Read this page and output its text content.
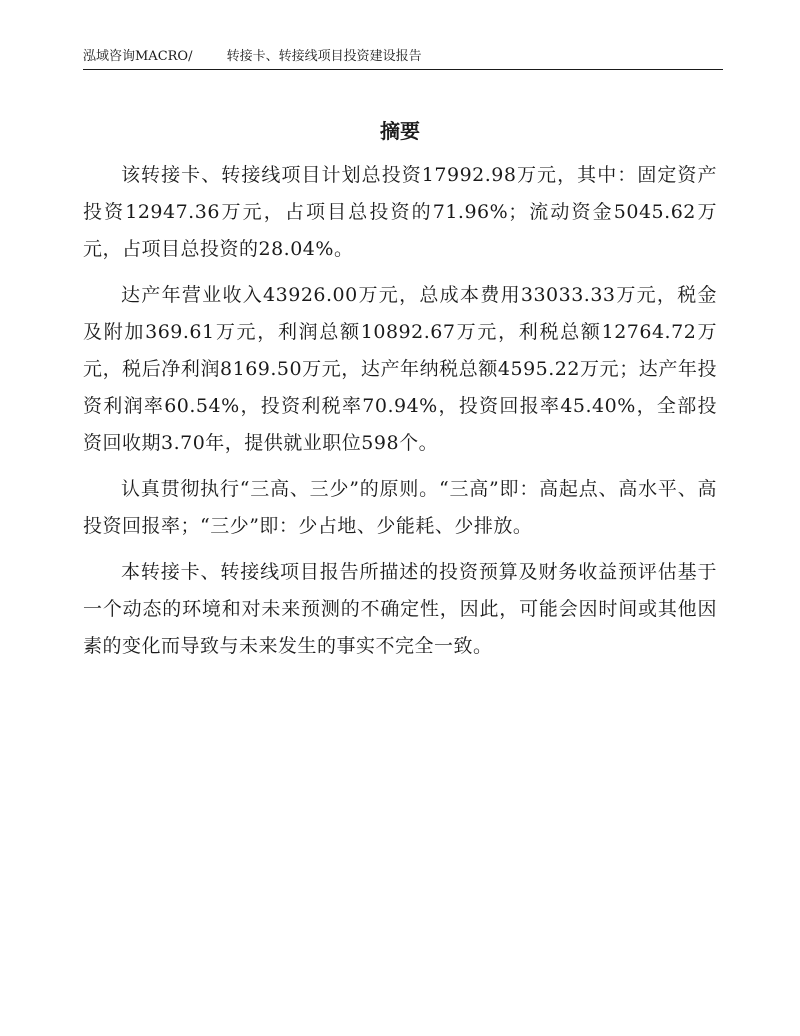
泓域咨询MACRO/	转接卡、转接线项目投资建设报告
摘要

该转接卡、转接线项目计划总投资17992.98万元，其中：固定资产投资12947.36万元，占项目总投资的71.96%；流动资金5045.62万元，占项目总投资的28.04%。

达产年营业收入43926.00万元，总成本费用33033.33万元，税金及附加369.61万元，利润总额10892.67万元，利税总额12764.72万元，税后净利润8169.50万元，达产年纳税总额4595.22万元；达产年投资利润率60.54%，投资利税率70.94%，投资回报率45.40%，全部投资回收期3.70年，提供就业职位598个。

认真贯彻执行“三高、三少”的原则。“三高”即：高起点、高水平、高投资回报率；“三少”即：少占地、少能耗、少排放。

本转接卡、转接线项目报告所描述的投资预算及财务收益预评估基于一个动态的环境和对未来预测的不确定性，因此，可能会因时间或其他因素的变化而导致与未来发生的事实不完全一致。
